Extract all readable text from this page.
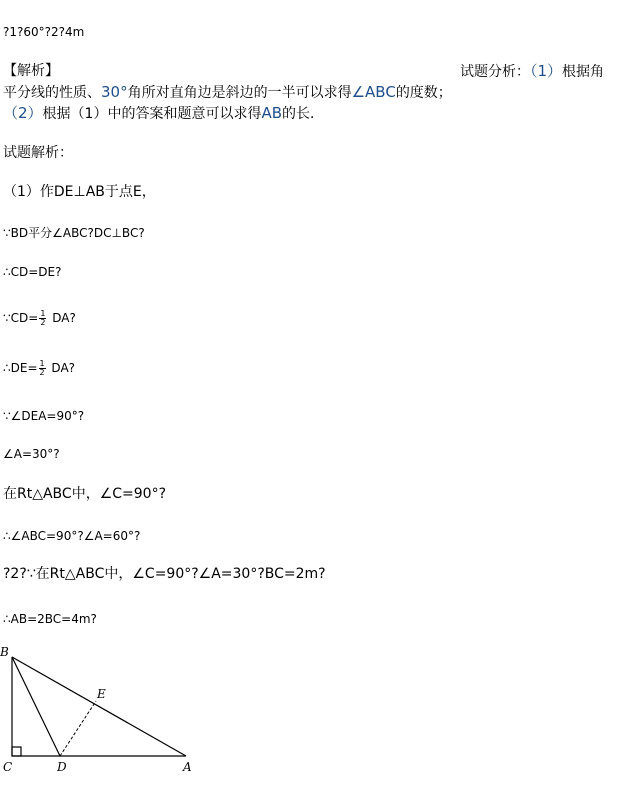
?1?60°?2?4m
【解析】	试题分析：（1）根据角
平分线的性质、30°角所对直角边是斜边的一半可以求得∠ABC的度数；
（2）根据（1）中的答案和题意可以求得AB的长．
试题解析：
（1）作DE⊥AB于点E，
∵BD平分∠ABC?DC⊥BC?
∴CD=DE?
∵CD= $\frac{1}{2}$ DA?
∴DE= $\frac{1}{2}$ DA?
∵∠DEA=90°?
∠A=30°?
在Rt△ABC中，∠C=90°?
∴∠ABC=90°?∠A=60°?
?2?∵在Rt△ABC中，∠C=90°?∠A=30°?BC=2m?
∴AB=2BC=4m?
B
E
C	D	A
